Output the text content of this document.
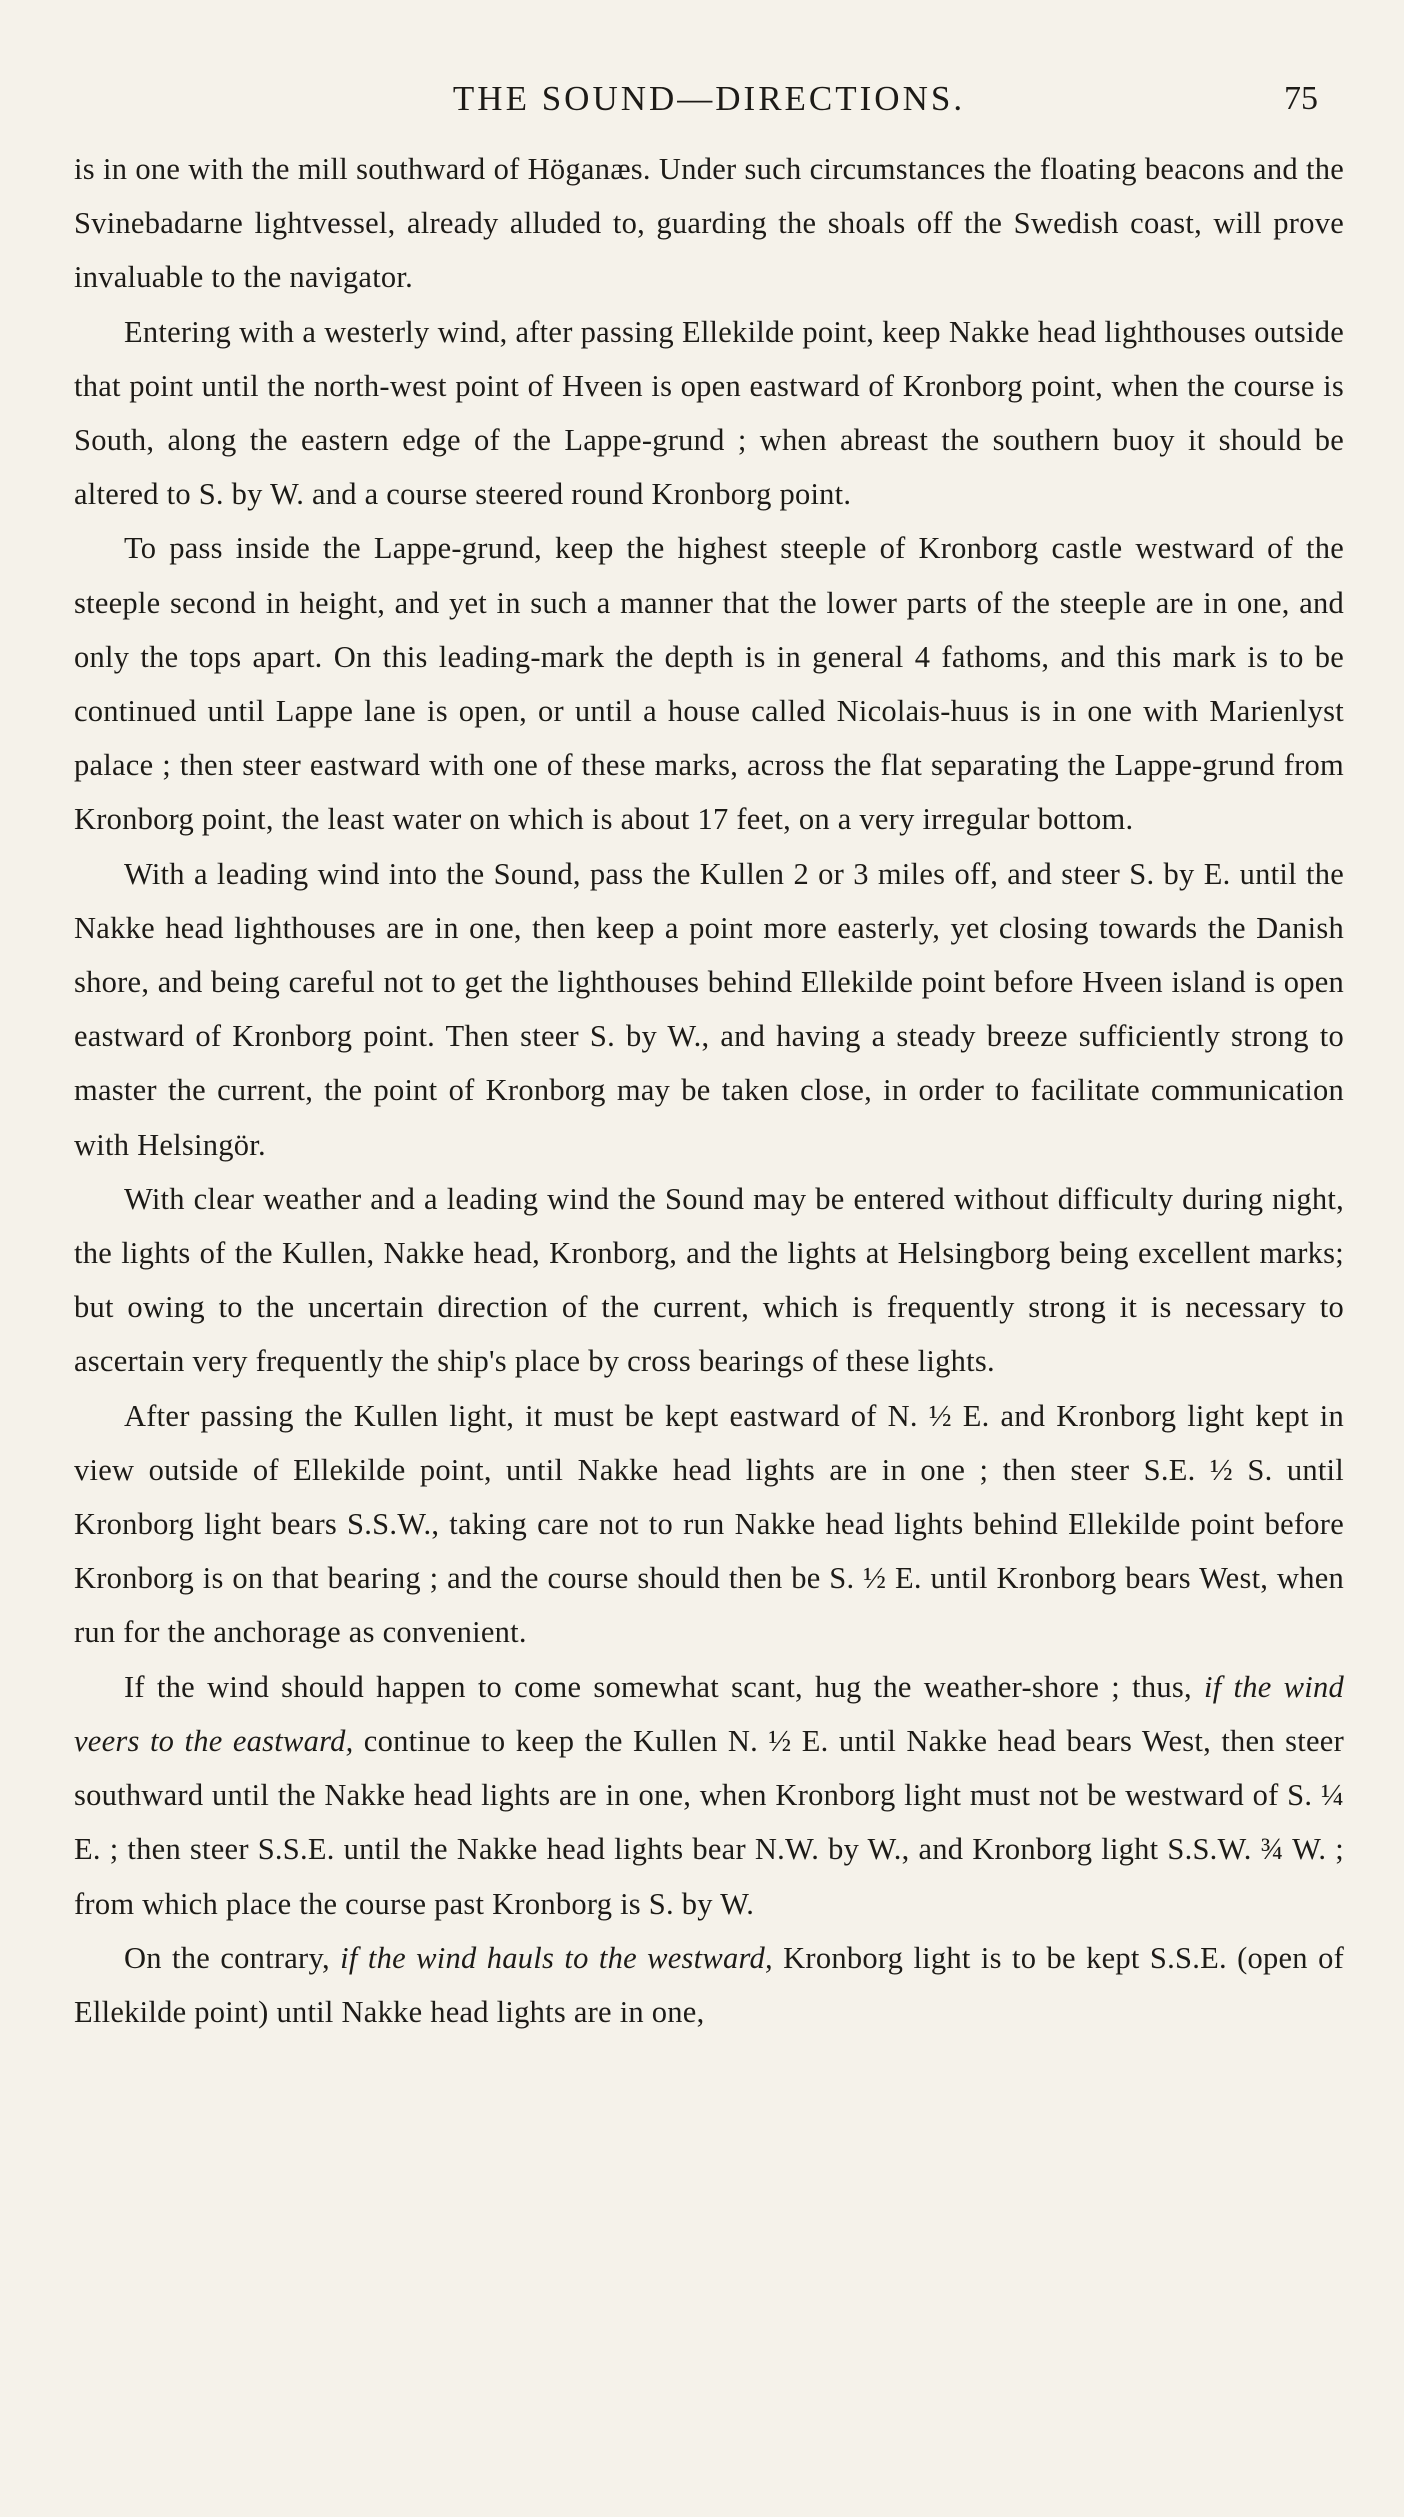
THE SOUND—DIRECTIONS.	75

is in one with the mill southward of Höganæs. Under such circumstances the floating beacons and the Svinebadarne lightvessel, already alluded to, guarding the shoals off the Swedish coast, will prove invaluable to the navigator.

Entering with a westerly wind, after passing Ellekilde point, keep Nakke head lighthouses outside that point until the north-west point of Hveen is open eastward of Kronborg point, when the course is South, along the eastern edge of the Lappe-grund ; when abreast the southern buoy it should be altered to S. by W. and a course steered round Kronborg point.

To pass inside the Lappe-grund, keep the highest steeple of Kronborg castle westward of the steeple second in height, and yet in such a manner that the lower parts of the steeple are in one, and only the tops apart. On this leading-mark the depth is in general 4 fathoms, and this mark is to be continued until Lappe lane is open, or until a house called Nicolais-huus is in one with Marienlyst palace ; then steer eastward with one of these marks, across the flat separating the Lappe-grund from Kronborg point, the least water on which is about 17 feet, on a very irregular bottom.

With a leading wind into the Sound, pass the Kullen 2 or 3 miles off, and steer S. by E. until the Nakke head lighthouses are in one, then keep a point more easterly, yet closing towards the Danish shore, and being careful not to get the lighthouses behind Ellekilde point before Hveen island is open eastward of Kronborg point. Then steer S. by W., and having a steady breeze sufficiently strong to master the current, the point of Kronborg may be taken close, in order to facilitate communication with Helsingör.

With clear weather and a leading wind the Sound may be entered without difficulty during night, the lights of the Kullen, Nakke head, Kronborg, and the lights at Helsingborg being excellent marks; but owing to the uncertain direction of the current, which is frequently strong it is necessary to ascertain very frequently the ship's place by cross bearings of these lights.

After passing the Kullen light, it must be kept eastward of N. ½ E. and Kronborg light kept in view outside of Ellekilde point, until Nakke head lights are in one ; then steer S.E. ½ S. until Kronborg light bears S.S.W., taking care not to run Nakke head lights behind Ellekilde point before Kronborg is on that bearing ; and the course should then be S. ½ E. until Kronborg bears West, when run for the anchorage as convenient.

If the wind should happen to come somewhat scant, hug the weather-shore ; thus, if the wind veers to the eastward, continue to keep the Kullen N. ½ E. until Nakke head bears West, then steer southward until the Nakke head lights are in one, when Kronborg light must not be westward of S. ¼ E. ; then steer S.S.E. until the Nakke head lights bear N.W. by W., and Kronborg light S.S.W. ¾ W. ; from which place the course past Kronborg is S. by W.

On the contrary, if the wind hauls to the westward, Kronborg light is to be kept S.S.E. (open of Ellekilde point) until Nakke head lights are in one,
